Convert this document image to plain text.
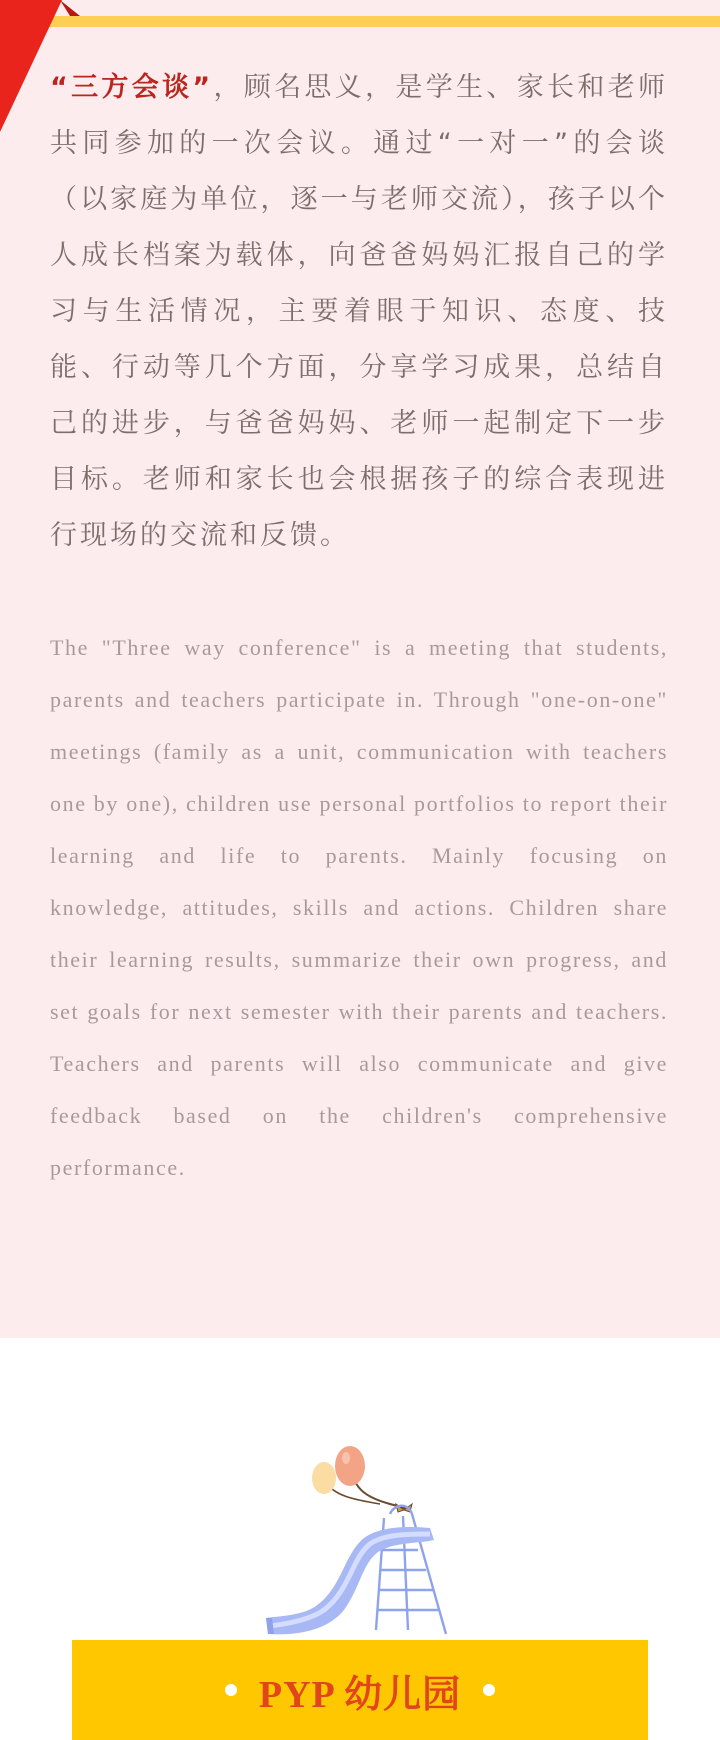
“三方会谈”，顾名思义，是学生、家长和老师共同参加的一次会议。通过“一对一”的会谈（以家庭为单位，逐一与老师交流），孩子以个人成长档案为载体，向爸爸妈妈汇报自己的学习与生活情况，主要着眼于知识、态度、技能、行动等几个方面，分享学习成果，总结自己的进步，与爸爸妈妈、老师一起制定下一步目标。老师和家长也会根据孩子的综合表现进行现场的交流和反馈。

The "Three way conference" is a meeting that students, parents and teachers participate in. Through "one-on-one" meetings (family as a unit, communication with teachers one by one), children use personal portfolios to report their learning and life to parents. Mainly focusing on knowledge, attitudes, skills and actions. Children share their learning results, summarize their own progress, and set goals for next semester with their parents and teachers. Teachers and parents will also communicate and give feedback based on the children's comprehensive performance.

PYP 幼儿园
